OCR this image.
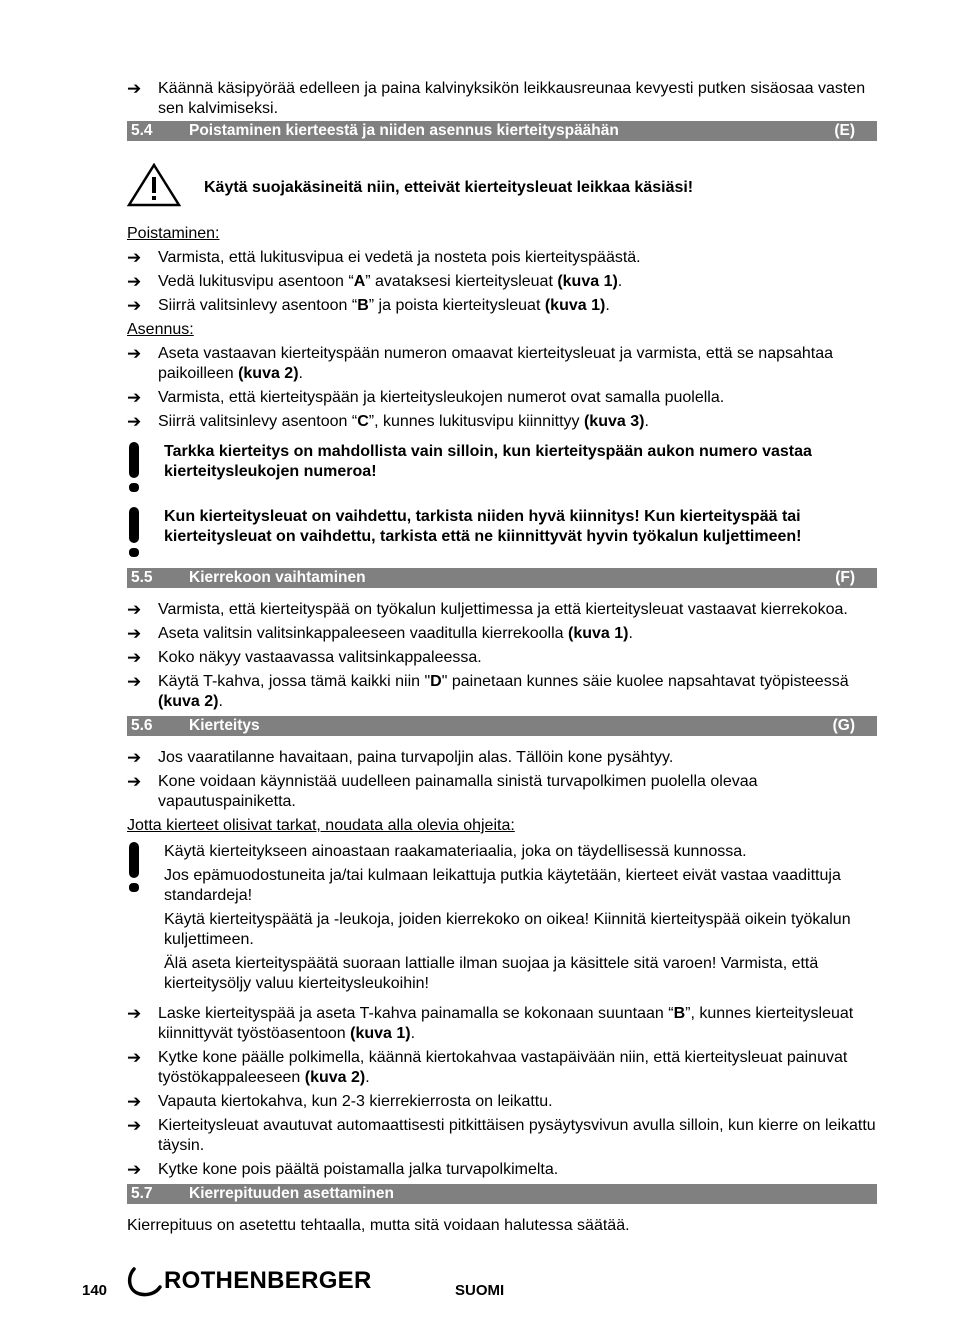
➔	Käännä käsipyörää edelleen ja paina kalvinyksikön leikkausreunaa kevyesti putken sisäosaa vasten sen kalvimiseksi.
5.4	Poistaminen kierteestä ja niiden asennus kierteityspäähän	(E)
Käytä suojakäsineitä niin, etteivät kierteitysleuat leikkaa käsiäsi!
Poistaminen:
➔	Varmista, että lukitusvipua ei vedetä ja nosteta pois kierteityspäästä.
➔	Vedä lukitusvipu asentoon “A” avataksesi kierteitysleuat (kuva 1).
➔	Siirrä valitsinlevy asentoon “B” ja poista kierteitysleuat (kuva 1).
Asennus:
➔	Aseta vastaavan kierteityspään numeron omaavat kierteitysleuat ja varmista, että se napsahtaa paikoilleen (kuva 2).
➔	Varmista, että kierteityspään ja kierteitysleukojen numerot ovat samalla puolella.
➔	Siirrä valitsinlevy asentoon “C”, kunnes lukitusvipu kiinnittyy (kuva 3).
Tarkka kierteitys on mahdollista vain silloin, kun kierteityspään aukon numero vastaa kierteitysleukojen numeroa!
Kun kierteitysleuat on vaihdettu, tarkista niiden hyvä kiinnitys! Kun kierteityspää tai kierteitysleuat on vaihdettu, tarkista että ne kiinnittyvät hyvin työkalun kuljettimeen!
5.5	Kierrekoon vaihtaminen	(F)
➔	Varmista, että kierteityspää on työkalun kuljettimessa ja että kierteitysleuat vastaavat kierrekokoa.
➔	Aseta valitsin valitsinkappaleeseen vaaditulla kierrekoolla (kuva 1).
➔	Koko näkyy vastaavassa valitsinkappaleessa.
➔	Käytä T-kahva, jossa tämä kaikki niin "D" painetaan kunnes säie kuolee napsahtavat työpisteessä (kuva 2).
5.6	Kierteitys	(G)
➔	Jos vaaratilanne havaitaan, paina turvapoljin alas. Tällöin kone pysähtyy.
➔	Kone voidaan käynnistää uudelleen painamalla sinistä turvapolkimen puolella olevaa vapautuspainiketta.
Jotta kierteet olisivat tarkat, noudata alla olevia ohjeita:
Käytä kierteitykseen ainoastaan raakamateriaalia, joka on täydellisessä kunnossa.
Jos epämuodostuneita ja/tai kulmaan leikattuja putkia käytetään, kierteet eivät vastaa vaadittuja standardeja!
Käytä kierteityspäätä ja -leukoja, joiden kierrekoko on oikea! Kiinnitä kierteityspää oikein työkalun kuljettimeen.
Älä aseta kierteityspäätä suoraan lattialle ilman suojaa ja käsittele sitä varoen! Varmista, että kierteitysöljy valuu kierteitysleukoihin!
➔	Laske kierteityspää ja aseta T-kahva painamalla se kokonaan suuntaan “B”, kunnes kierteitysleuat kiinnittyvät työstöasentoon (kuva 1).
➔	Kytke kone päälle polkimella, käännä kiertokahvaa vastapäivään niin, että kierteitysleuat painuvat työstökappaleeseen (kuva 2).
➔	Vapauta kiertokahva, kun 2-3 kierrekierrosta on leikattu.
➔	Kierteitysleuat avautuvat automaattisesti pitkittäisen pysäytysvivun avulla silloin, kun kierre on leikattu täysin.
➔	Kytke kone pois päältä poistamalla jalka turvapolkimelta.
5.7	Kierrepituuden asettaminen
Kierrepituus on asetettu tehtaalla, mutta sitä voidaan halutessa säätää.
140 ROTHENBERGER	SUOMI
